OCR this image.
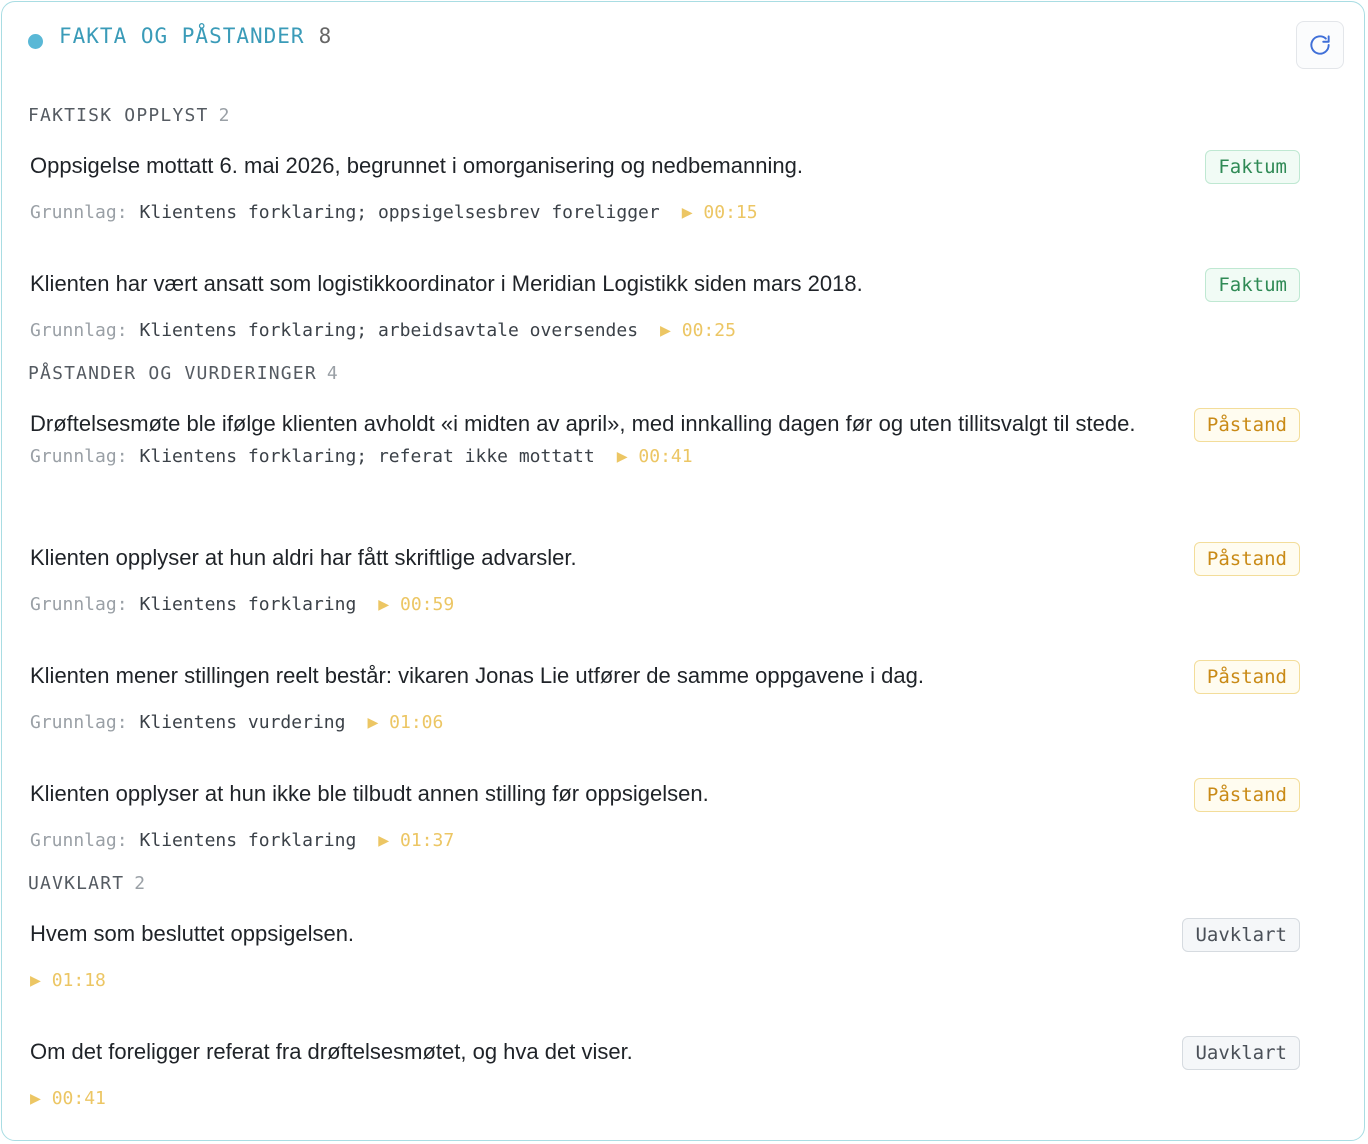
FAKTA OG PÅSTANDER 8
FAKTISK OPPLYST 2
Oppsigelse mottatt 6. mai 2026, begrunnet i omorganisering og nedbemanning.
Grunnlag: Klientens forklaring; oppsigelsesbrev foreligger ▶ 00:15
Faktum
Klienten har vært ansatt som logistikkoordinator i Meridian Logistikk siden mars 2018.
Grunnlag: Klientens forklaring; arbeidsavtale oversendes ▶ 00:25
Faktum
PÅSTANDER OG VURDERINGER 4
Drøftelsesmøte ble ifølge klienten avholdt «i midten av april», med innkalling dagen før og uten tillitsvalgt til stede.
Grunnlag: Klientens forklaring; referat ikke mottatt ▶ 00:41
Påstand
Klienten opplyser at hun aldri har fått skriftlige advarsler.
Grunnlag: Klientens forklaring ▶ 00:59
Påstand
Klienten mener stillingen reelt består: vikaren Jonas Lie utfører de samme oppgavene i dag.
Grunnlag: Klientens vurdering ▶ 01:06
Påstand
Klienten opplyser at hun ikke ble tilbudt annen stilling før oppsigelsen.
Grunnlag: Klientens forklaring ▶ 01:37
Påstand
UAVKLART 2
Hvem som besluttet oppsigelsen.
▶ 01:18
Uavklart
Om det foreligger referat fra drøftelsesmøtet, og hva det viser.
▶ 00:41
Uavklart
